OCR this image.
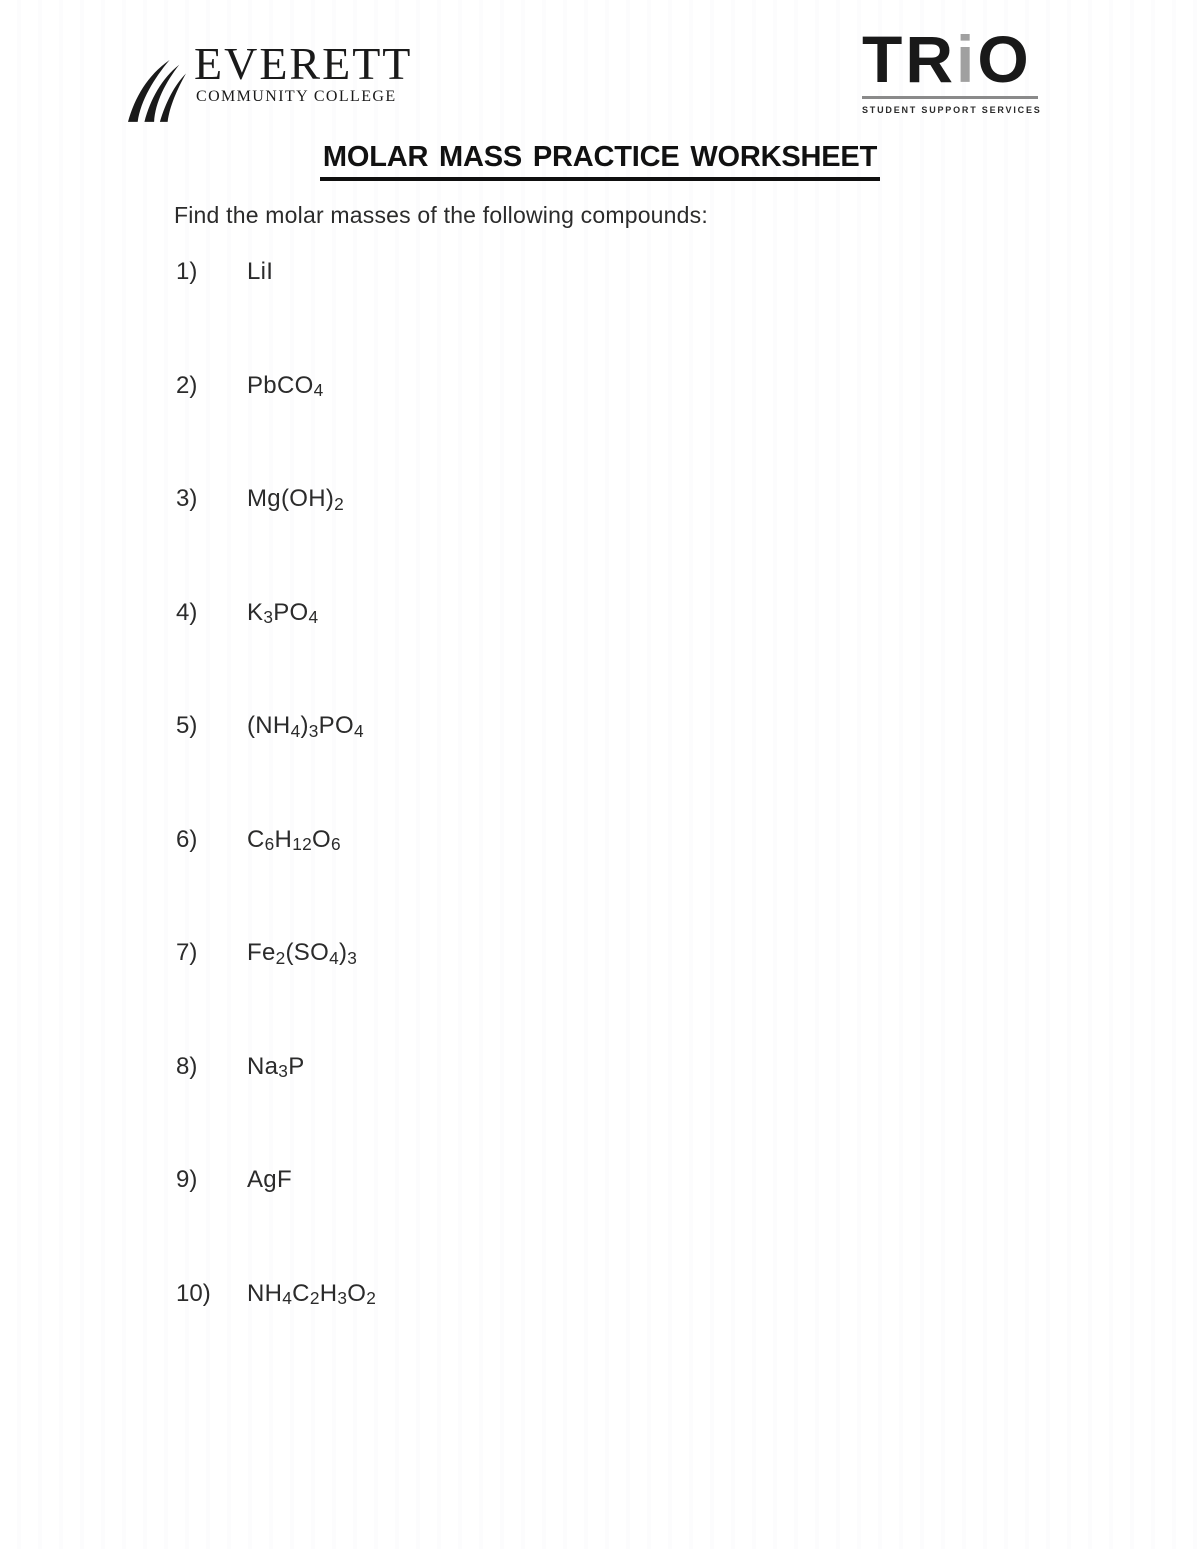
EVERETT
COMMUNITY COLLEGE
TRiO
STUDENT SUPPORT SERVICES
MOLAR MASS PRACTICE WORKSHEET

Find the molar masses of the following compounds:

1)	LiI
2)	PbCO$_4$
3)	$Mg(OH)_2$
4)	$K_3PO_4$
5)	$(NH_4)_3PO_4$
6)	$C_6H_{12}O_6$
7)	$Fe_2(SO_4)_3$
8)	$Na_3P$
9)	AgF
10)	$NH_4C_2H_3O_2$
